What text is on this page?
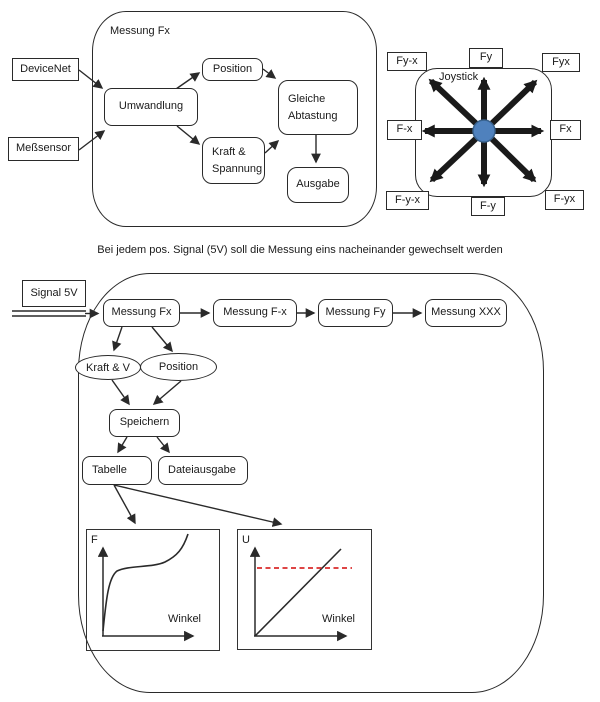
Messung Fx
DeviceNet
Meßsensor
Umwandlung
Position
Kraft &
Spannung
Gleiche
Abtastung
Ausgabe
Joystick
Fy-x	Fy	Fyx
F-x	Fx
F-y-x	F-y
F-yx
Bei jedem pos. Signal (5V) soll die Messung eins nacheinander gewechselt werden
Signal 5V
Messung Fx	Messung F-x	Messung Fy	Messung XXX
Kraft & V	Position
Speichern
Tabelle	Dateiausgabe
F
Winkel
U
Winkel
